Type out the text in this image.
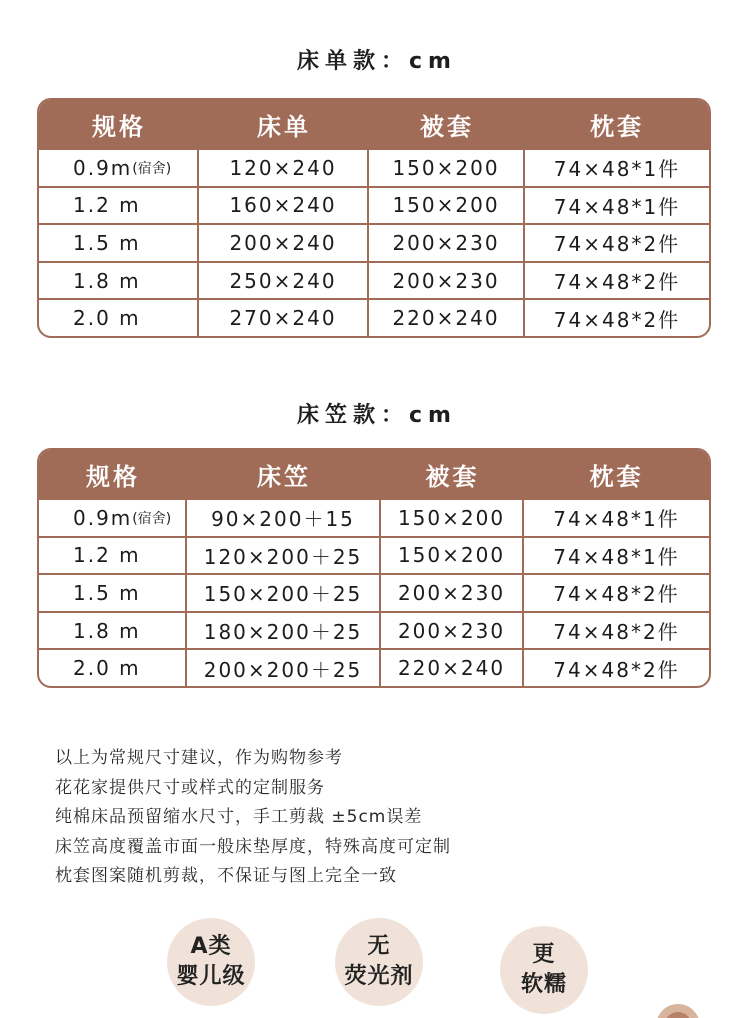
床单款：cm
规格	床单	被套	枕套
0.9m (宿舍)	120×240	150×200	74×48*1件
1.2 m	160×240	150×200	74×48*1件
1.5 m	200×240	200×230	74×48*2件
1.8 m	250×240	200×230	74×48*2件
2.0 m	270×240	220×240	74×48*2件
床笠款：cm
规格	床笠	被套	枕套
0.9m (宿舍)	90×200＋15	150×200	74×48*1件
1.2 m	120×200＋25	150×200	74×48*1件
1.5 m	150×200＋25	200×230	74×48*2件
1.8 m	180×200＋25	200×230	74×48*2件
2.0 m	200×200＋25	220×240	74×48*2件
以上为常规尺寸建议，作为购物参考
花花家提供尺寸或样式的定制服务
纯棉床品预留缩水尺寸，手工剪裁 ±5cm误差
床笠高度覆盖市面一般床垫厚度，特殊高度可定制
枕套图案随机剪裁，不保证与图上完全一致
A类
婴儿级
无
荧光剂
更
软糯
